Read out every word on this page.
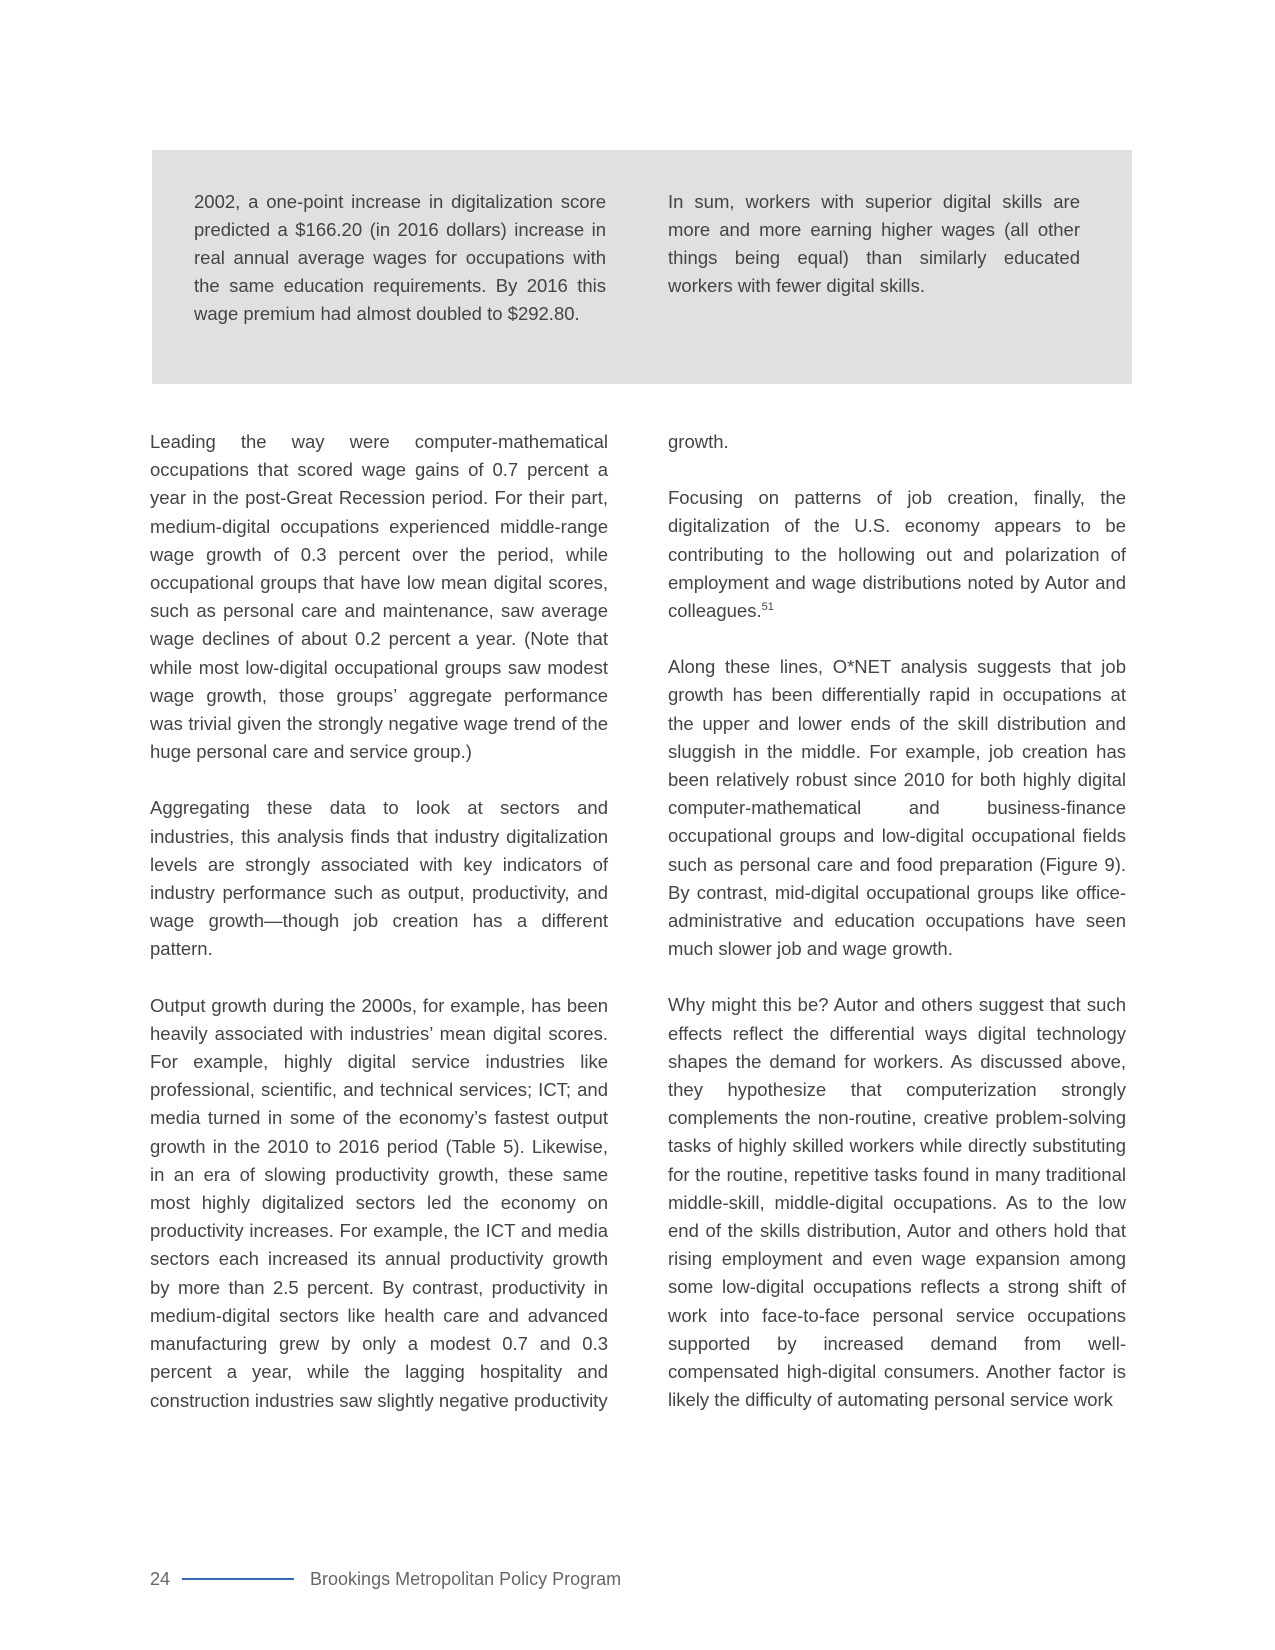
2002, a one-point increase in digitalization score predicted a $166.20 (in 2016 dollars) increase in real annual average wages for occupations with the same education requirements. By 2016 this wage premium had almost doubled to $292.80.

In sum, workers with superior digital skills are more and more earning higher wages (all other things being equal) than similarly educated workers with fewer digital skills.

Leading the way were computer-mathematical occupations that scored wage gains of 0.7 percent a year in the post-Great Recession period. For their part, medium-digital occupations experienced middle-range wage growth of 0.3 percent over the period, while occupational groups that have low mean digital scores, such as personal care and maintenance, saw average wage declines of about 0.2 percent a year. (Note that while most low-digital occupational groups saw modest wage growth, those groups’ aggregate performance was trivial given the strongly negative wage trend of the huge personal care and service group.)

Aggregating these data to look at sectors and industries, this analysis finds that industry digitalization levels are strongly associated with key indicators of industry performance such as output, productivity, and wage growth—though job creation has a different pattern.

Output growth during the 2000s, for example, has been heavily associated with industries’ mean digital scores. For example, highly digital service industries like professional, scientific, and technical services; ICT; and media turned in some of the economy’s fastest output growth in the 2010 to 2016 period (Table 5). Likewise, in an era of slowing productivity growth, these same most highly digitalized sectors led the economy on productivity increases. For example, the ICT and media sectors each increased its annual productivity growth by more than 2.5 percent. By contrast, productivity in medium-digital sectors like health care and advanced manufacturing grew by only a modest 0.7 and 0.3 percent a year, while the lagging hospitality and construction industries saw slightly negative productivity

growth.

Focusing on patterns of job creation, finally, the digitalization of the U.S. economy appears to be contributing to the hollowing out and polarization of employment and wage distributions noted by Autor and colleagues.$^{51}$

Along these lines, O*NET analysis suggests that job growth has been differentially rapid in occupations at the upper and lower ends of the skill distribution and sluggish in the middle. For example, job creation has been relatively robust since 2010 for both highly digital computer-mathematical and business-finance occupational groups and low-digital occupational fields such as personal care and food preparation (Figure 9). By contrast, mid-digital occupational groups like office-administrative and education occupations have seen much slower job and wage growth.

Why might this be? Autor and others suggest that such effects reflect the differential ways digital technology shapes the demand for workers. As discussed above, they hypothesize that computerization strongly complements the non-routine, creative problem-solving tasks of highly skilled workers while directly substituting for the routine, repetitive tasks found in many traditional middle-skill, middle-digital occupations. As to the low end of the skills distribution, Autor and others hold that rising employment and even wage expansion among some low-digital occupations reflects a strong shift of work into face-to-face personal service occupations supported by increased demand from well-compensated high-digital consumers. Another factor is likely the difficulty of automating personal service work

24	Brookings Metropolitan Policy Program
